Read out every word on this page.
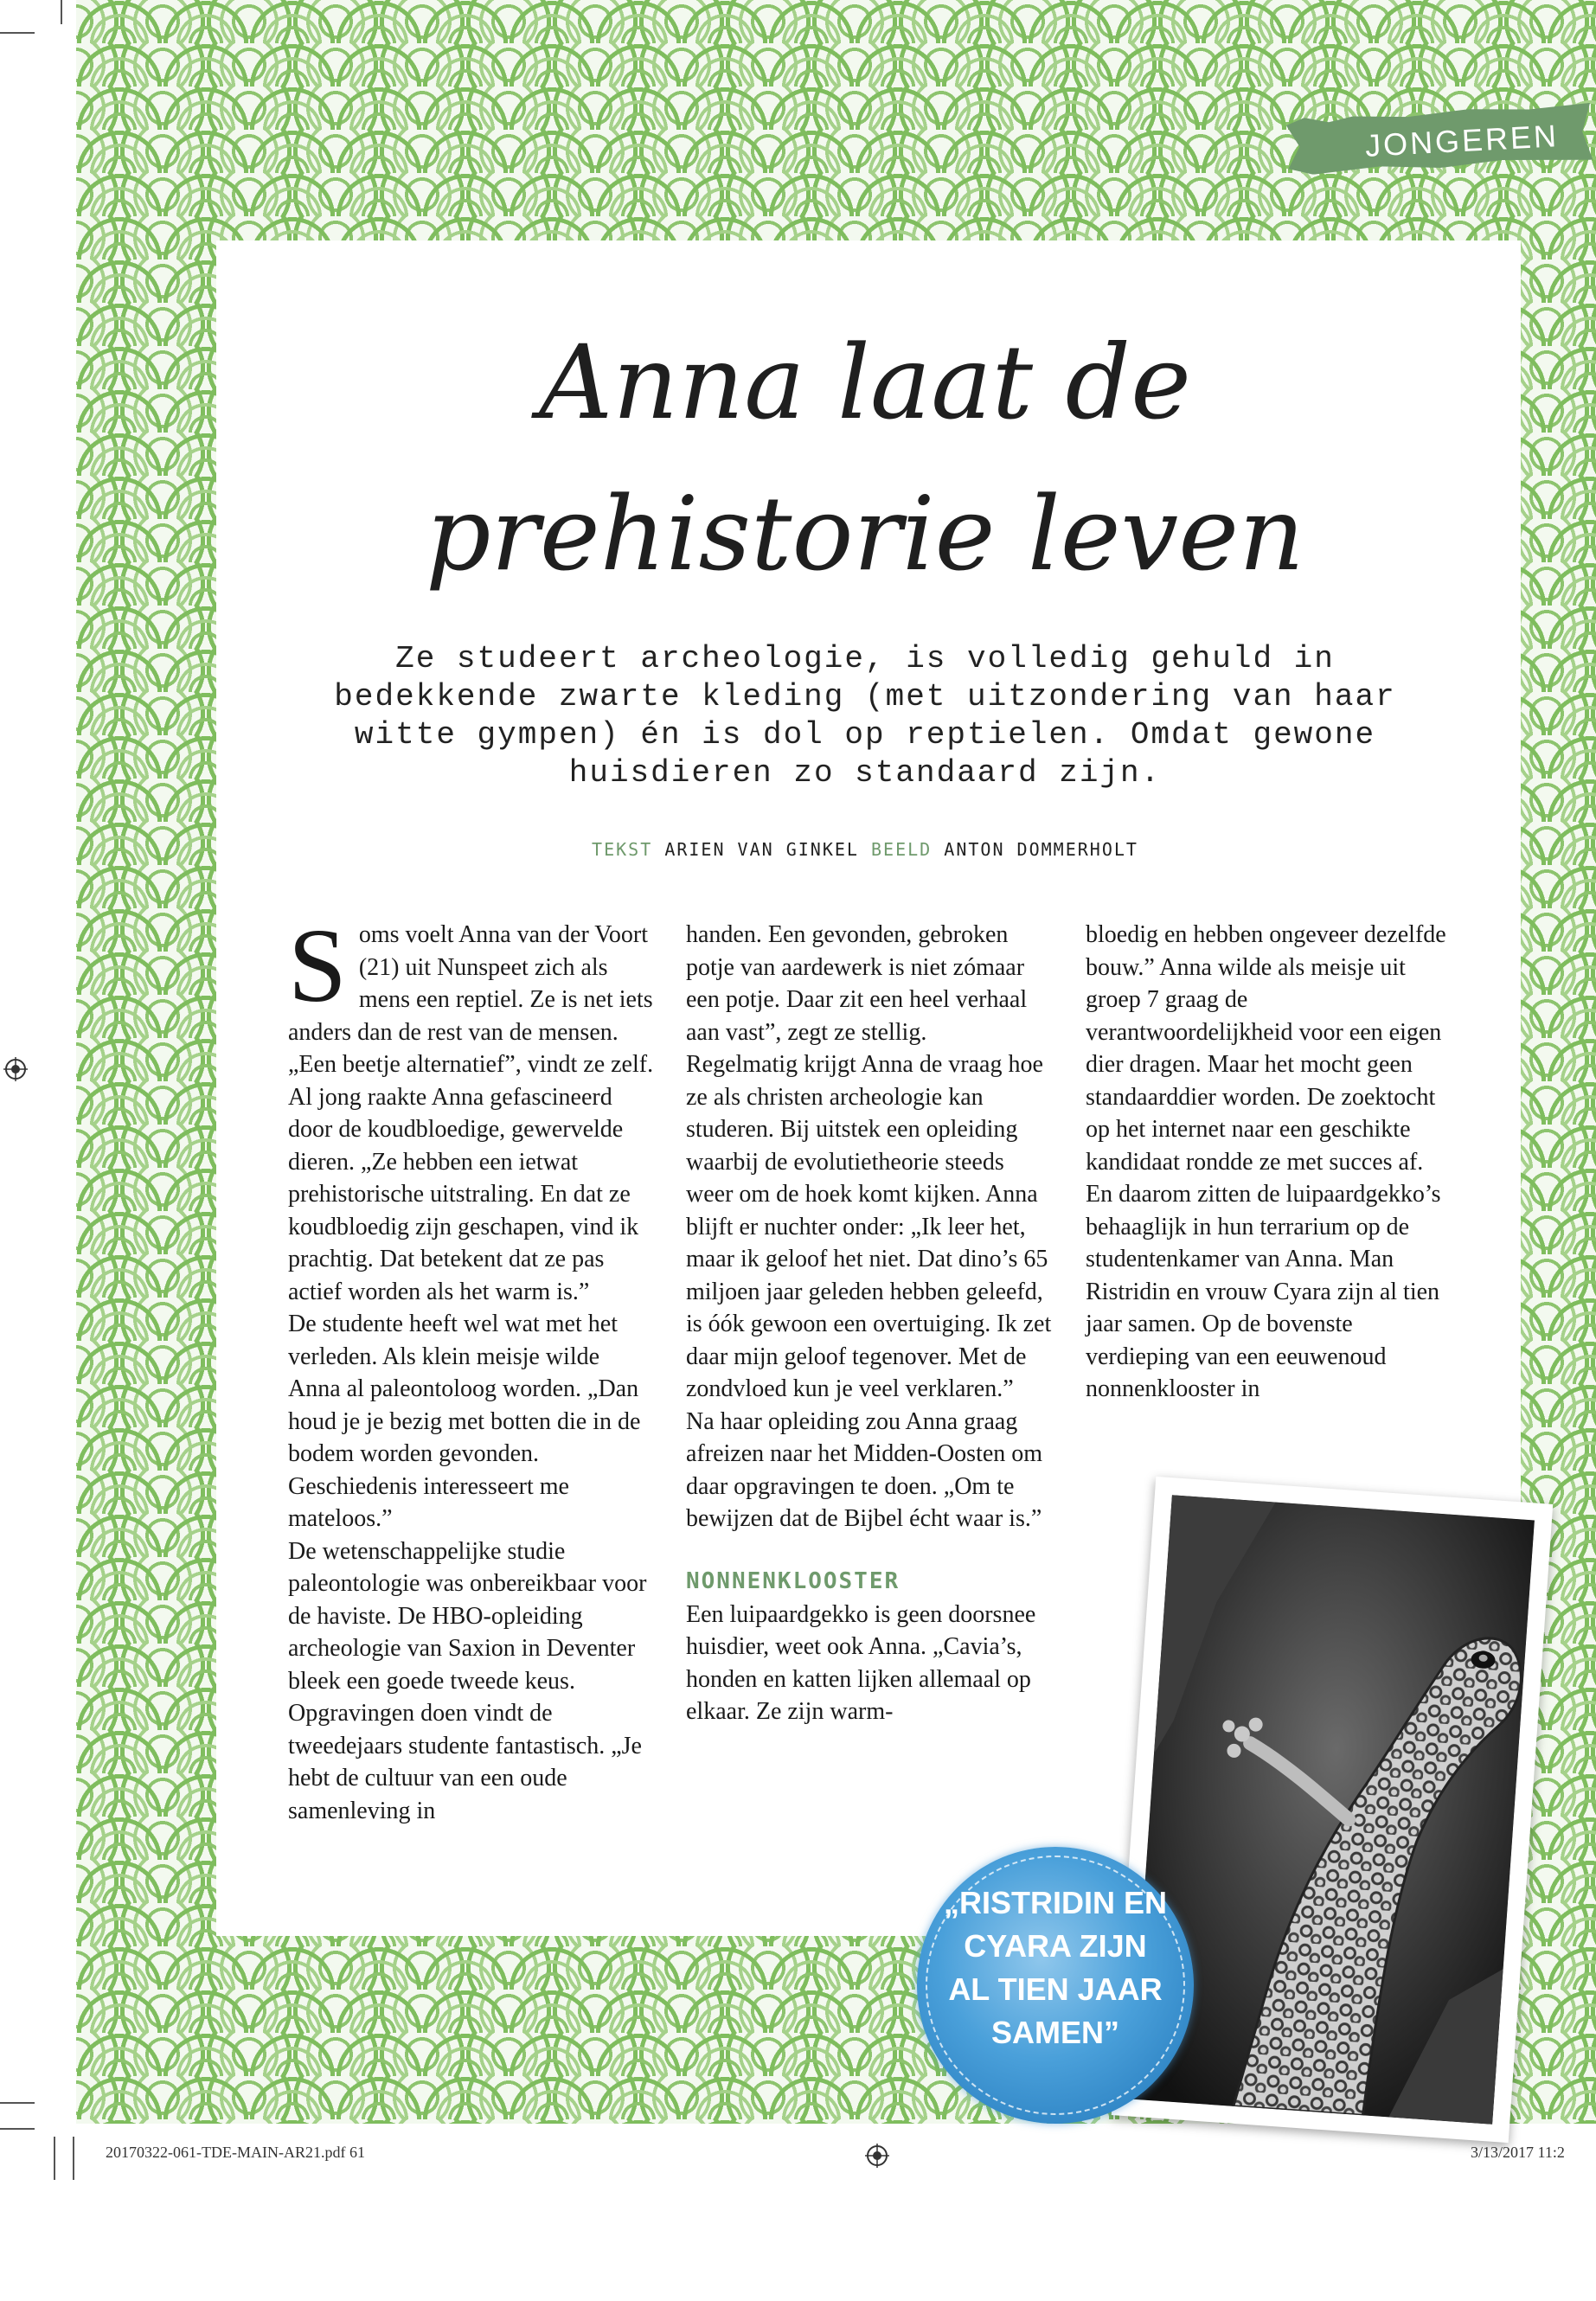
JONGEREN
Anna laat de
prehistorie leven

Ze studeert archeologie, is volledig gehuld in
bedekkende zwarte kleding (met uitzondering van haar
witte gympen) én is dol op reptielen. Omdat gewone
huisdieren zo standaard zijn.

TEKST ARIEN VAN GINKEL BEELD ANTON DOMMERHOLT
S oms voelt Anna van der Voort (21) uit Nunspeet zich als mens een reptiel. Ze is net iets anders dan de rest van de mensen. „Een beetje alternatief”, vindt ze zelf.

Al jong raakte Anna gefascineerd door de koudbloedige, gewervelde dieren. „Ze hebben een ietwat prehistorische uitstraling. En dat ze koudbloedig zijn geschapen, vind ik prachtig. Dat betekent dat ze pas actief worden als het warm is.”

De studente heeft wel wat met het verleden. Als klein meisje wilde Anna al paleontoloog worden. „Dan houd je je bezig met botten die in de bodem worden gevonden. Geschiedenis interesseert me mateloos.”

De wetenschappelijke studie paleontologie was onbereikbaar voor de haviste. De HBO-opleiding archeologie van Saxion in Deventer bleek een goede tweede keus. Opgravingen doen vindt de tweedejaars studente fantastisch. „Je hebt de cultuur van een oude samenleving in

handen. Een gevonden, gebroken potje van aardewerk is niet zómaar een potje. Daar zit een heel verhaal aan vast”, zegt ze stellig.

Regelmatig krijgt Anna de vraag hoe ze als christen archeologie kan studeren. Bij uitstek een opleiding waarbij de evolutietheorie steeds weer om de hoek komt kijken. Anna blijft er nuchter onder: „Ik leer het, maar ik geloof het niet. Dat dino’s 65 miljoen jaar geleden hebben geleefd, is óók gewoon een overtuiging. Ik zet daar mijn geloof tegenover. Met de zondvloed kun je veel verklaren.”

Na haar opleiding zou Anna graag afreizen naar het Midden-Oosten om daar opgravingen te doen. „Om te bewijzen dat de Bijbel écht waar is.”

NONNENKLOOSTER

Een luipaardgekko is geen doorsnee huisdier, weet ook Anna. „Cavia’s, honden en katten lijken allemaal op elkaar. Ze zijn warm-

bloedig en hebben ongeveer dezelfde bouw.” Anna wilde als meisje uit groep 7 graag de verantwoordelijkheid voor een eigen dier dragen. Maar het mocht geen standaarddier worden. De zoektocht op het internet naar een geschikte kandidaat rondde ze met succes af.

En daarom zitten de luipaardgekko’s behaaglijk in hun terrarium op de studentenkamer van Anna. Man Ristridin en vrouw Cyara zijn al tien jaar samen. Op de bovenste verdieping van een eeuwenoud nonnenklooster in

„RISTRIDIN EN CYARA ZIJN AL TIEN JAAR SAMEN”
20170322-061-TDE-MAIN-AR21.pdf 61	3/13/2017 11:2
